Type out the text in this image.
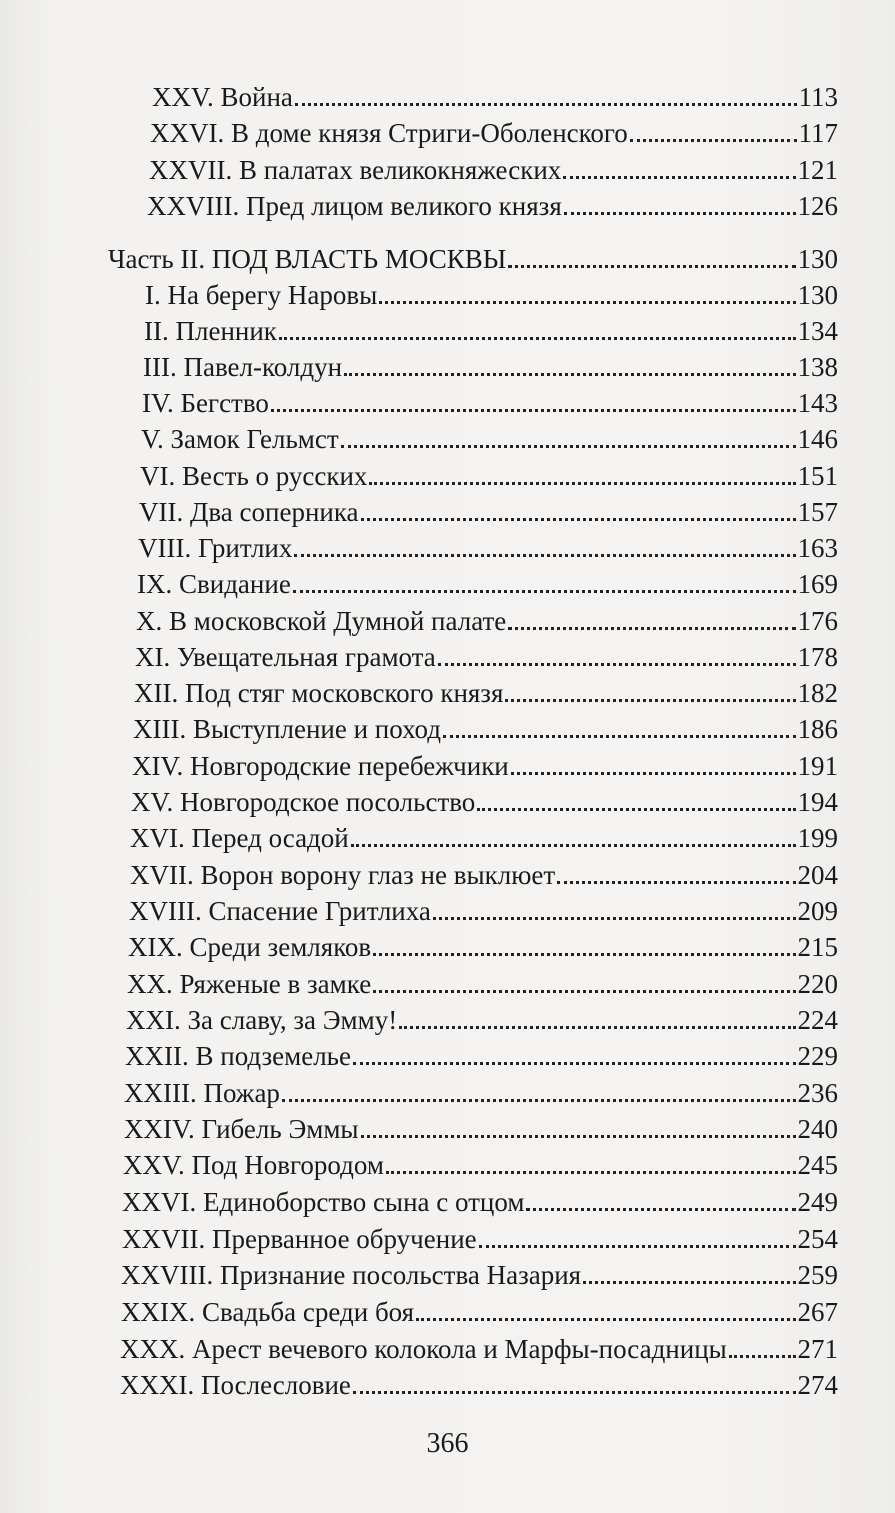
XXV. Война	113
XXVI. В доме князя Стриги-Оболенского	117
XXVII. В палатах великокняжеских	121
XXVIII. Пред лицом великого князя	126
Часть II. ПОД ВЛАСТЬ МОСКВЫ	130
I. На берегу Наровы	130
II. Пленник	134
III. Павел-колдун	138
IV. Бегство	143
V. Замок Гельмст	146
VI. Весть о русских	151
VII. Два соперника	157
VIII. Гритлих	163
IX. Свидание	169
X. В московской Думной палате	176
XI. Увещательная грамота	178
XII. Под стяг московского князя	182
XIII. Выступление и поход	186
XIV. Новгородские перебежчики	191
XV. Новгородское посольство	194
XVI. Перед осадой	199
XVII. Ворон ворону глаз не выклюет	204
XVIII. Спасение Гритлиха	209
XIX. Среди земляков	215
XX. Ряженые в замке	220
XXI. За славу, за Эмму!	224
XXII. В подземелье	229
XXIII. Пожар	236
XXIV. Гибель Эммы	240
XXV. Под Новгородом	245
XXVI. Единоборство сына с отцом	249
XXVII. Прерванное обручение	254
XXVIII. Признание посольства Назария	259
XXIX. Свадьба среди боя	267
XXX. Арест вечевого колокола и Марфы-посадницы	271
XXXI. Послесловие	274
366
